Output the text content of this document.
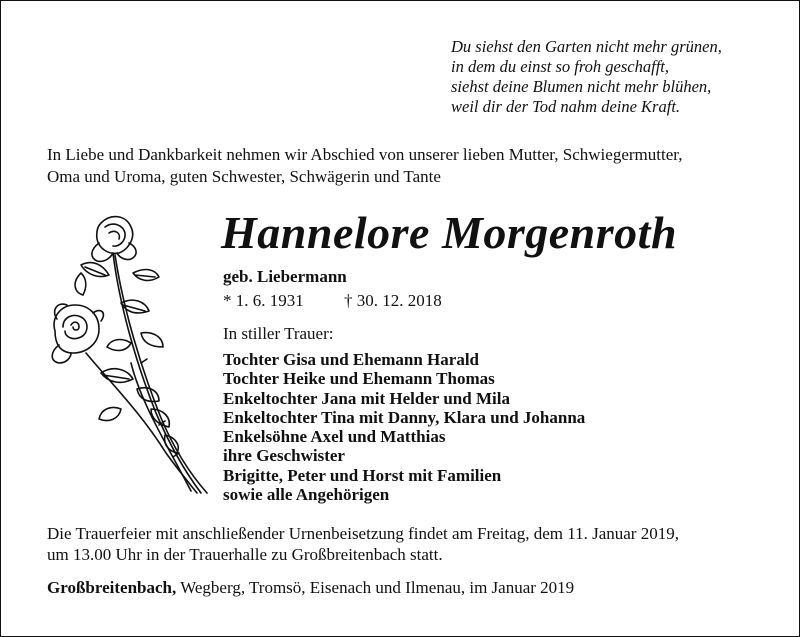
Du siehst den Garten nicht mehr grünen,
in dem du einst so froh geschafft,
siehst deine Blumen nicht mehr blühen,
weil dir der Tod nahm deine Kraft.
In Liebe und Dankbarkeit nehmen wir Abschied von unserer lieben Mutter, Schwiegermutter,
Oma und Uroma, guten Schwester, Schwägerin und Tante
Hannelore Morgenroth
geb. Liebermann
* 1. 6. 1931 † 30. 12. 2018
In stiller Trauer:
Tochter Gisa und Ehemann Harald
Tochter Heike und Ehemann Thomas
Enkeltochter Jana mit Helder und Mila
Enkeltochter Tina mit Danny, Klara und Johanna
Enkelsöhne Axel und Matthias
ihre Geschwister
Brigitte, Peter und Horst mit Familien
sowie alle Angehörigen
Die Trauerfeier mit anschließender Urnenbeisetzung findet am Freitag, dem 11. Januar 2019,
um 13.00 Uhr in der Trauerhalle zu Großbreitenbach statt.
Großbreitenbach, Wegberg, Tromsö, Eisenach und Ilmenau, im Januar 2019
